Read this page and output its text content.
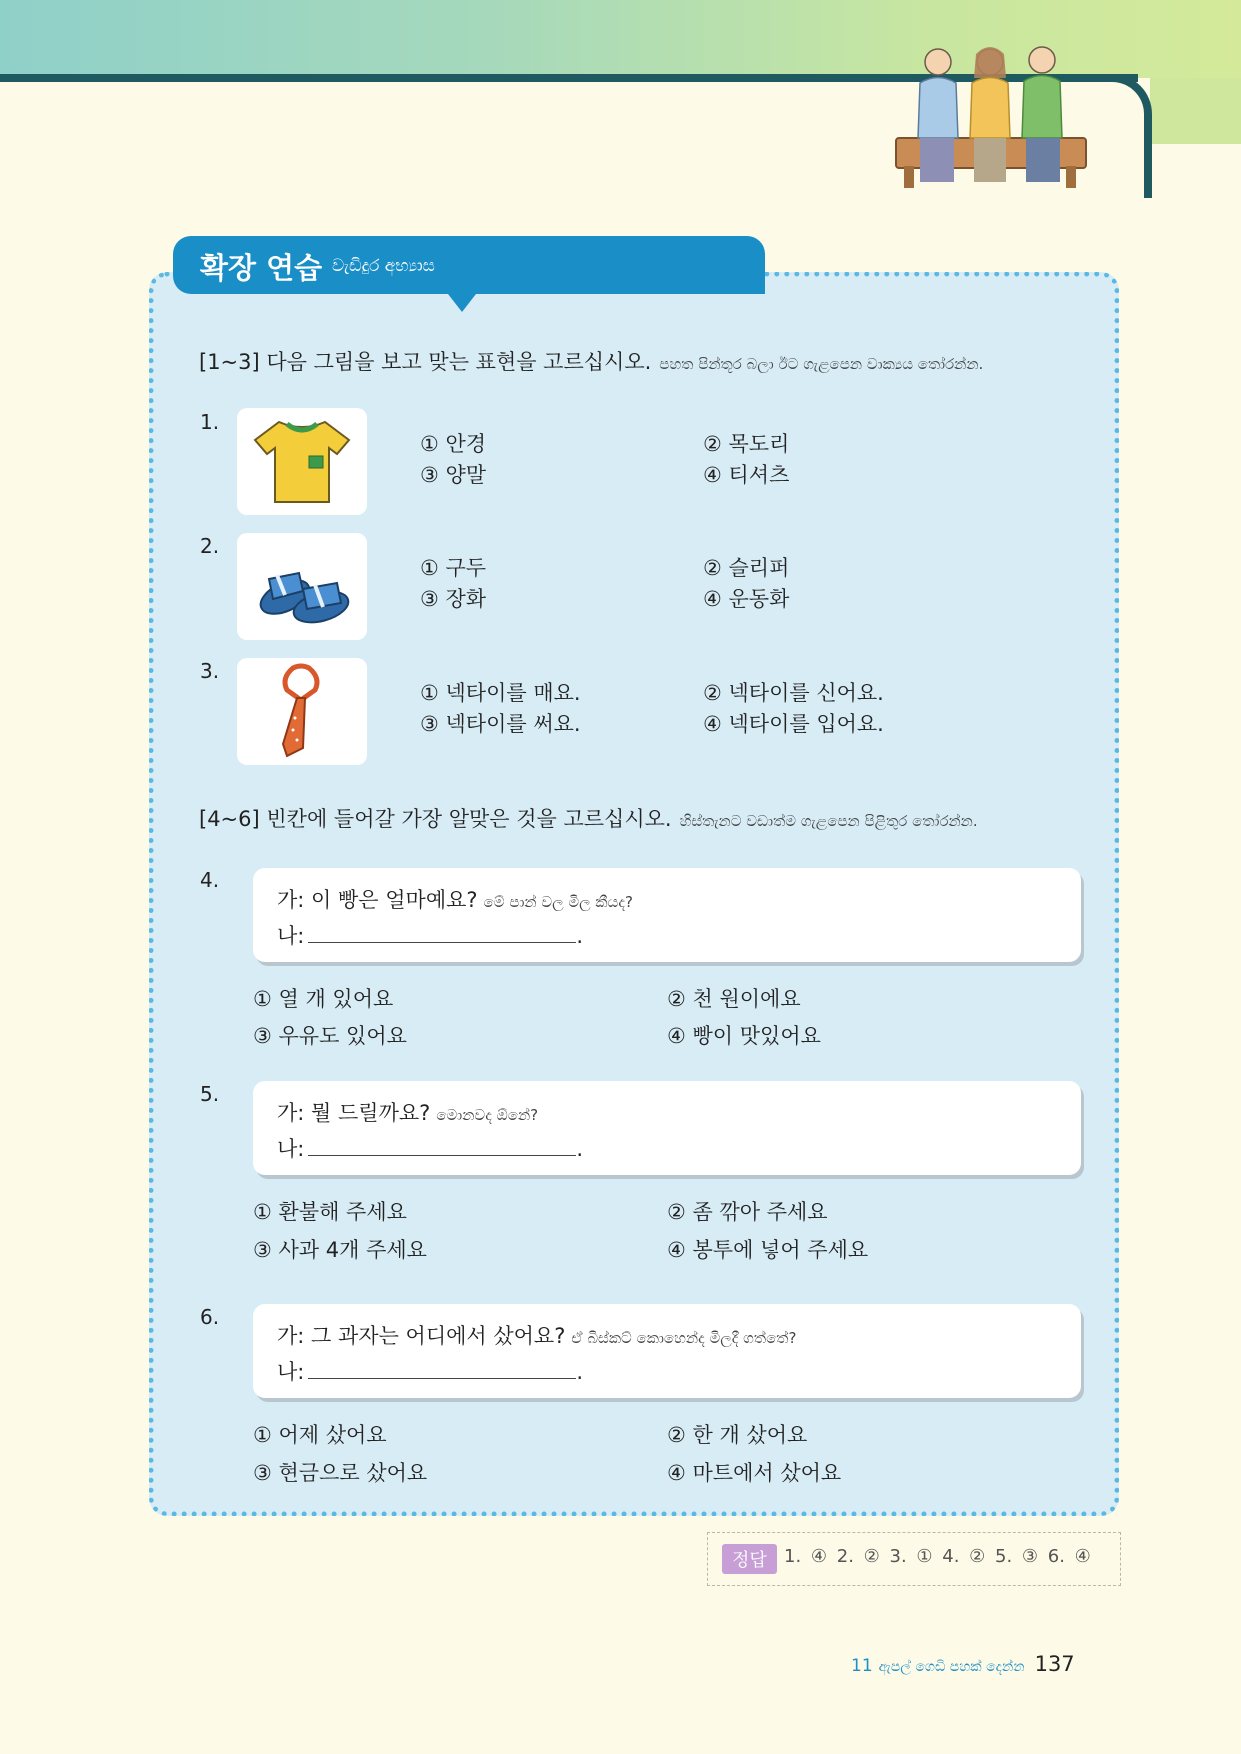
확장 연습 වැඩිදුර අභ්‍යාස
[1~3] 다음 그림을 보고 맞는 표현을 고르십시오. පහත පින්තූර බලා ඊට ගැළපෙන වාක්‍යය තෝරන්න.
1.
① 안경	② 목도리
③ 양말	④ 티셔츠
2.
① 구두	② 슬리퍼
③ 장화	④ 운동화
3.
① 넥타이를 매요.	② 넥타이를 신어요.
③ 넥타이를 써요.	④ 넥타이를 입어요.
[4~6] 빈칸에 들어갈 가장 알맞은 것을 고르십시오. හිස්තැනට වඩාත්ම ගැළපෙන පිළිතුර තෝරන්න.
4.
가: 이 빵은 얼마예요? මේ පාන් වල මිල කීයද?
나:	.
① 열 개 있어요	② 천 원이에요
③ 우유도 있어요	④ 빵이 맛있어요
5.
가: 뭘 드릴까요? මොනවද ඕනේ?
나:	.
① 환불해 주세요	② 좀 깎아 주세요
③ 사과 4개 주세요	④ 봉투에 넣어 주세요
6.
가: 그 과자는 어디에서 샀어요? ඒ බිස්කට් කොහෙන්ද මිලදී ගත්තේ?
나:	.
① 어제 샀어요	② 한 개 샀어요
③ 현금으로 샀어요	④ 마트에서 샀어요
정답 1. ④ 2. ② 3. ① 4. ② 5. ③ 6. ④
11 ඇපල් ගෙඩි පහක් දෙන්න 137
